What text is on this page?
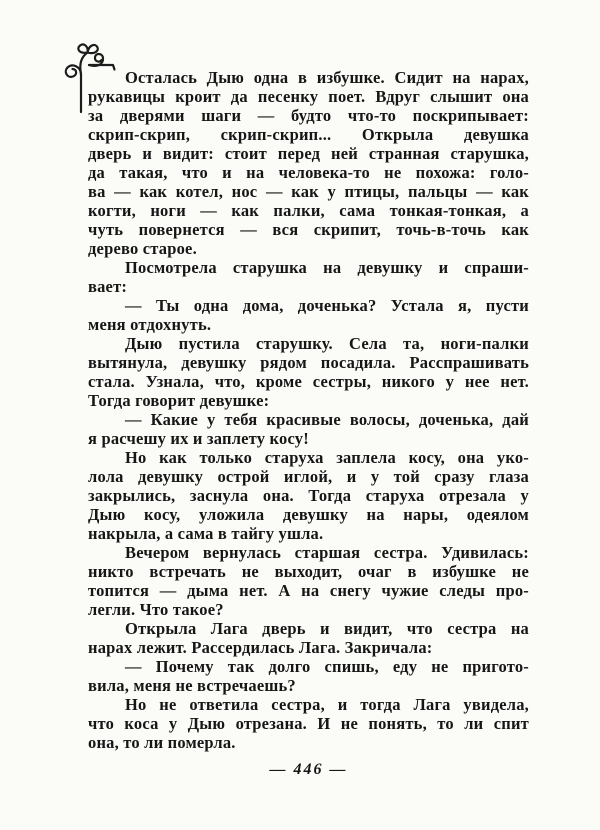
Осталась Дыю одна в избушке. Сидит на нарах,
рукавицы кроит да песенку поет. Вдруг слышит она
за дверями шаги — будто что-то поскрипывает:
скрип-скрип, скрип-скрип... Открыла девушка
дверь и видит: стоит перед ней странная старушка,
да такая, что и на человека-то не похожа: голо-
ва — как котел, нос — как у птицы, пальцы — как
когти, ноги — как палки, сама тонкая-тонкая, а
чуть повернется — вся скрипит, точь-в-точь как
дерево старое.
Посмотрела старушка на девушку и спраши-
вает:
— Ты одна дома, доченька? Устала я, пусти
меня отдохнуть.
Дыю пустила старушку. Села та, ноги-палки
вытянула, девушку рядом посадила. Расспрашивать
стала. Узнала, что, кроме сестры, никого у нее нет.
Тогда говорит девушке:
— Какие у тебя красивые волосы, доченька, дай
я расчешу их и заплету косу!
Но как только старуха заплела косу, она уко-
лола девушку острой иглой, и у той сразу глаза
закрылись, заснула она. Тогда старуха отрезала у
Дыю косу, уложила девушку на нары, одеялом
накрыла, а сама в тайгу ушла.
Вечером вернулась старшая сестра. Удивилась:
никто встречать не выходит, очаг в избушке не
топится — дыма нет. А на снегу чужие следы про-
легли. Что такое?
Открыла Лага дверь и видит, что сестра на
нарах лежит. Рассердилась Лага. Закричала:
— Почему так долго спишь, еду не пригото-
вила, меня не встречаешь?
Но не ответила сестра, и тогда Лага увидела,
что коса у Дыю отрезана. И не понять, то ли спит
она, то ли померла.
— 446 —
